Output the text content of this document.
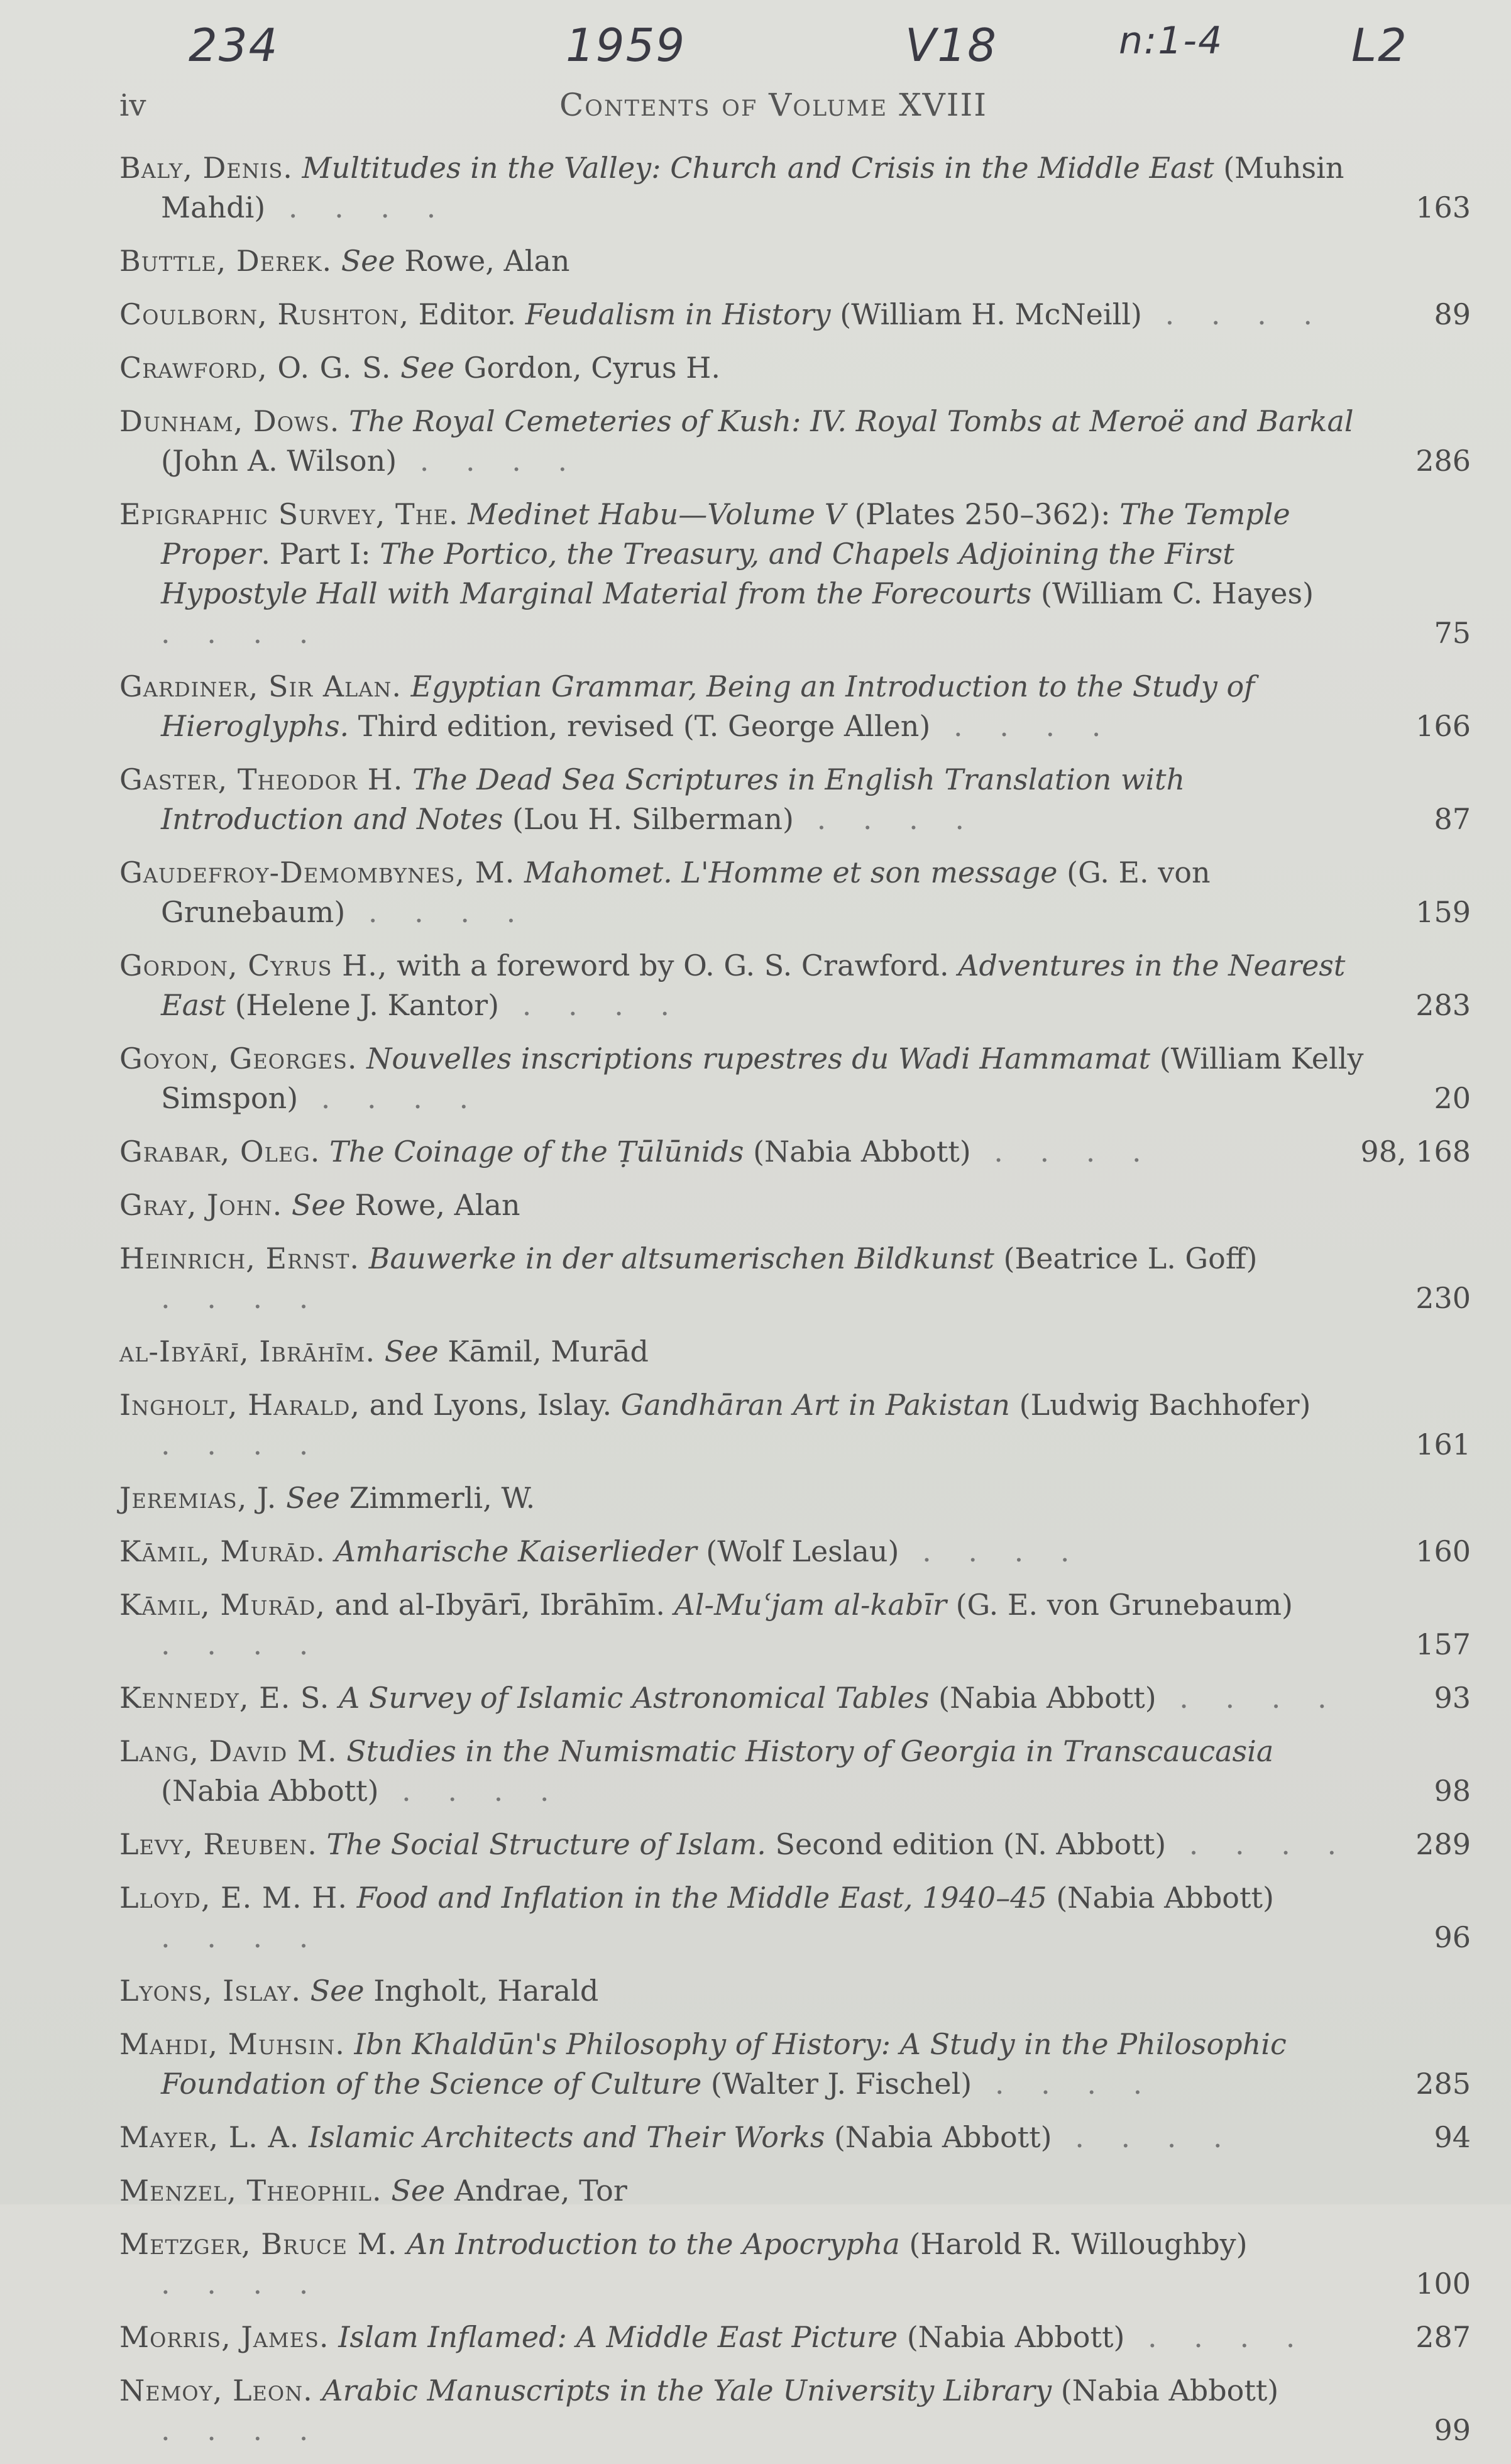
234	1959	V18	n:1-4	L2
iv	Contents of Volume XVIII
Baly, Denis. Multitudes in the Valley: Church and Crisis in the Middle East (Muhsin Mahdi) . . . .	163
Buttle, Derek. See Rowe, Alan
Coulborn, Rushton, Editor. Feudalism in History (William H. McNeill) . . . .	89
Crawford, O. G. S. See Gordon, Cyrus H.
Dunham, Dows. The Royal Cemeteries of Kush: IV. Royal Tombs at Meroë and Barkal (John A. Wilson) . . . .	286
Epigraphic Survey, The. Medinet Habu—Volume V (Plates 250–362): The Temple Proper. Part I: The Portico, the Treasury, and Chapels Adjoining the First Hypostyle Hall with Marginal Material from the Forecourts (William C. Hayes) . . . .	75
Gardiner, Sir Alan. Egyptian Grammar, Being an Introduction to the Study of Hieroglyphs. Third edition, revised (T. George Allen) . . . .	166
Gaster, Theodor H. The Dead Sea Scriptures in English Translation with Introduction and Notes (Lou H. Silberman) . . . .	87
Gaudefroy-Demombynes, M. Mahomet. L'Homme et son message (G. E. von Grunebaum) . . . .	159
Gordon, Cyrus H., with a foreword by O. G. S. Crawford. Adventures in the Nearest East (Helene J. Kantor) . . . .	283
Goyon, Georges. Nouvelles inscriptions rupestres du Wadi Hammamat (William Kelly Simspon) . . . .	20
Grabar, Oleg. The Coinage of the Ṭūlūnids (Nabia Abbott) . . . .	98, 168
Gray, John. See Rowe, Alan
Heinrich, Ernst. Bauwerke in der altsumerischen Bildkunst (Beatrice L. Goff) . . . .	230
al-Ibyārī, Ibrāhīm. See Kāmil, Murād
Ingholt, Harald, and Lyons, Islay. Gandhāran Art in Pakistan (Ludwig Bachhofer) . . . .	161
Jeremias, J. See Zimmerli, W.
Kāmil, Murād. Amharische Kaiserlieder (Wolf Leslau) . . . .	160
Kāmil, Murād, and al-Ibyārī, Ibrāhīm. Al-Muʿjam al-kabīr (G. E. von Grunebaum) . . . .	157
Kennedy, E. S. A Survey of Islamic Astronomical Tables (Nabia Abbott) . . . .	93
Lang, David M. Studies in the Numismatic History of Georgia in Transcaucasia (Nabia Abbott) . . . .	98
Levy, Reuben. The Social Structure of Islam. Second edition (N. Abbott) . . . .	289
Lloyd, E. M. H. Food and Inflation in the Middle East, 1940–45 (Nabia Abbott) . . . .	96
Lyons, Islay. See Ingholt, Harald
Mahdi, Muhsin. Ibn Khaldūn's Philosophy of History: A Study in the Philosophic Foundation of the Science of Culture (Walter J. Fischel) . . . .	285
Mayer, L. A. Islamic Architects and Their Works (Nabia Abbott) . . . .	94
Menzel, Theophil. See Andrae, Tor
Metzger, Bruce M. An Introduction to the Apocrypha (Harold R. Willoughby) . . . .	100
Morris, James. Islam Inflamed: A Middle East Picture (Nabia Abbott) . . . .	287
Nemoy, Leon. Arabic Manuscripts in the Yale University Library (Nabia Abbott) . . . .	99
